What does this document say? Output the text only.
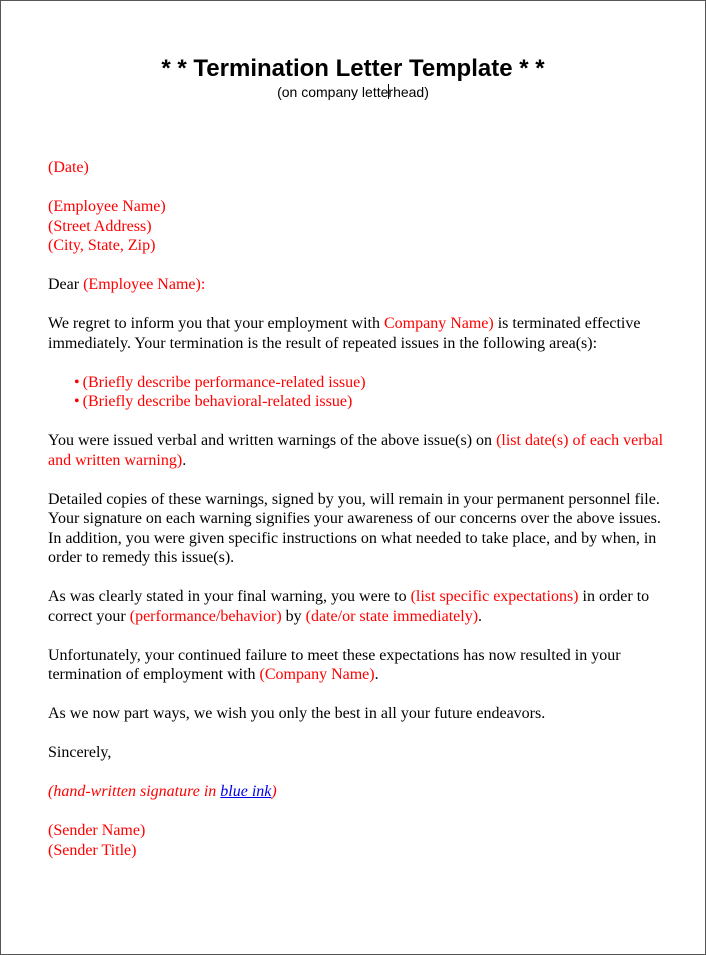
* * Termination Letter Template * *

(on company letterhead)

(Date)

(Employee Name)
(Street Address)
(City, State, Zip)

Dear (Employee Name):

We regret to inform you that your employment with Company Name) is terminated effective immediately. Your termination is the result of repeated issues in the following area(s):

• (Briefly describe performance-related issue)
• (Briefly describe behavioral-related issue)

You were issued verbal and written warnings of the above issue(s) on (list date(s) of each verbal and written warning).

Detailed copies of these warnings, signed by you, will remain in your permanent personnel file. Your signature on each warning signifies your awareness of our concerns over the above issues. In addition, you were given specific instructions on what needed to take place, and by when, in order to remedy this issue(s).

As was clearly stated in your final warning, you were to (list specific expectations) in order to correct your (performance/behavior) by (date/or state immediately).

Unfortunately, your continued failure to meet these expectations has now resulted in your termination of employment with (Company Name).

As we now part ways, we wish you only the best in all your future endeavors.

Sincerely,

(hand-written signature in blue ink)

(Sender Name)
(Sender Title)
